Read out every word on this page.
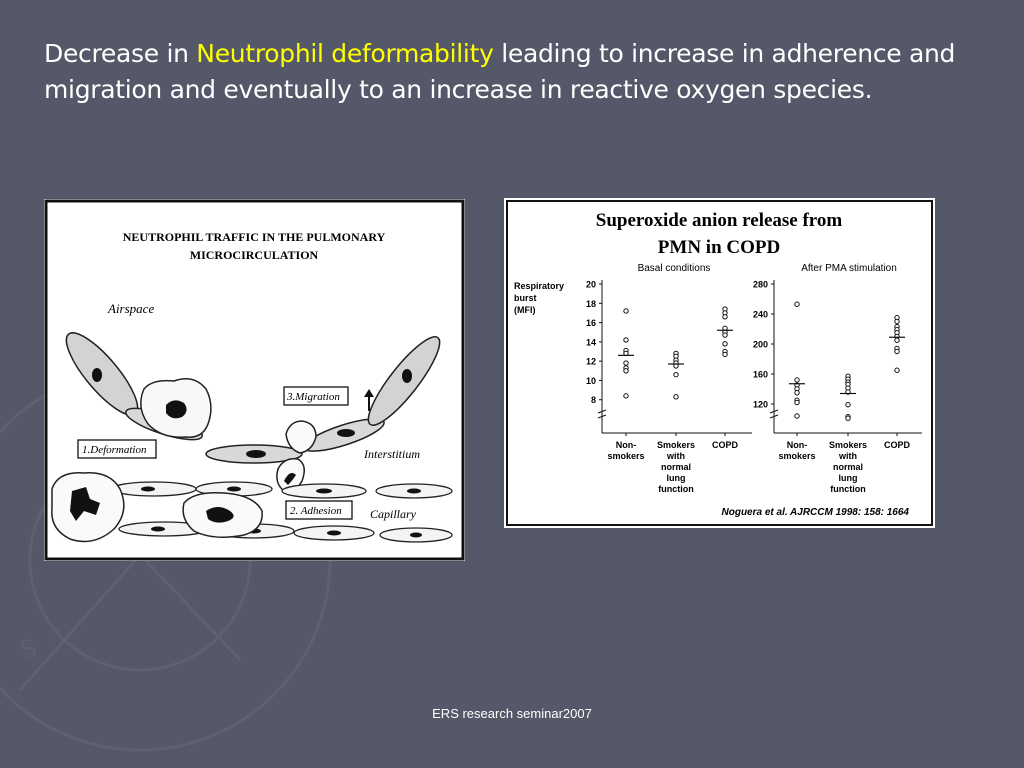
S
Decrease in Neutrophil deformability leading to increase in adherence and migration and eventually to an increase in reactive oxygen species.
NEUTROPHIL TRAFFIC IN THE PULMONARY
MICROCIRCULATION
Airspace
1.Deformation
2. Adhesion
3.Migration
Interstitium
Capillary
Superoxide anion release from
PMN in COPD
Basal conditions	After PMA stimulation
Respiratory
burst
(MFI)
Noguera et al. AJRCCM 1998: 158: 1664
8
10
12
14
16
18
20
Non-
smokers
Smokers
with
normal
lung
function
COPD
120
160
200
240
280
Non-
smokers
Smokers
with
normal
lung
function
COPD
ERS research seminar2007
